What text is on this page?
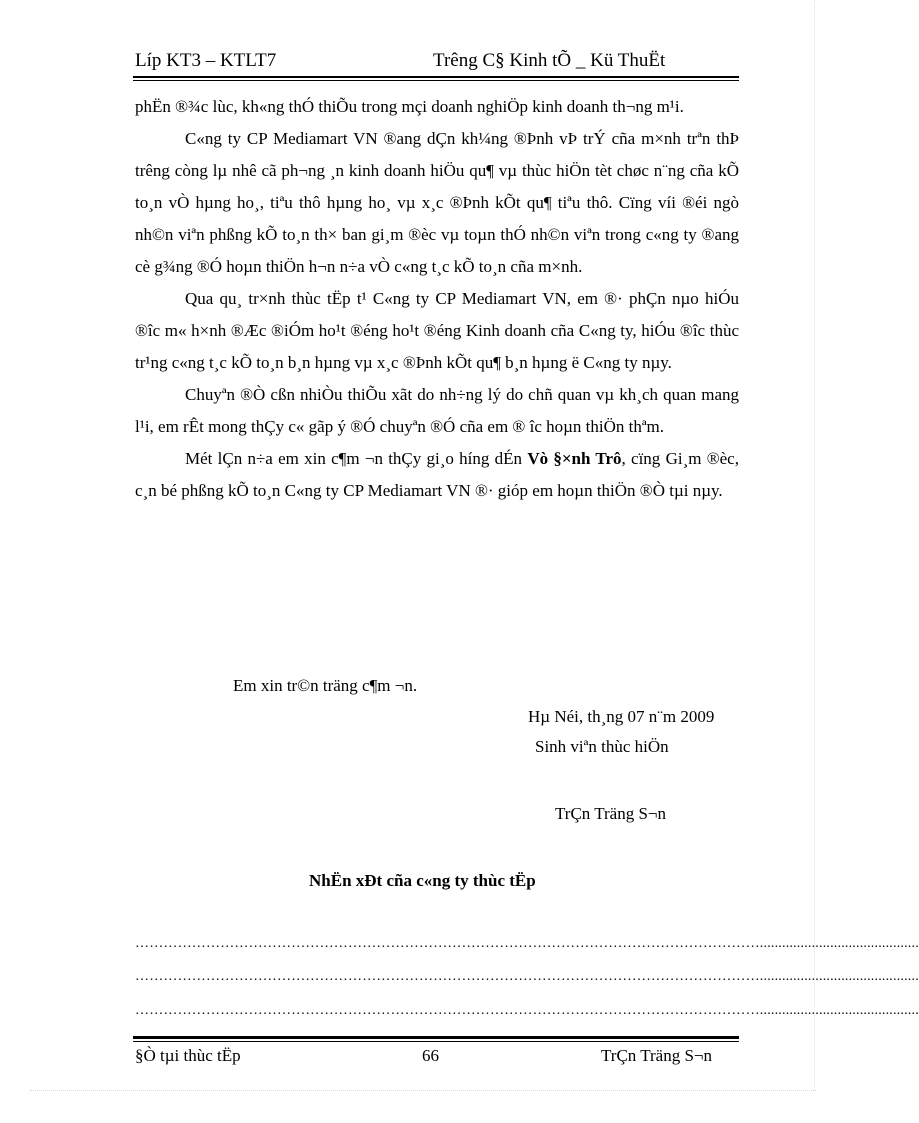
Líp KT3 – KTLT7	Trêng C§ Kinh tÕ _ Kü ThuËt

phËn ®¾c lùc, kh«ng thÓ thiÕu trong mçi doanh nghiÖp kinh doanh th¬ng m¹i.

C«ng ty CP Mediamart VN ®ang dÇn kh¼ng ®Þnh vÞ trÝ cña m×nh trªn thÞ trêng còng lµ nhê cã ph¬ng ¸n kinh doanh hiÖu qu¶ vµ thùc hiÖn tèt chøc n¨ng cña kÕ to¸n vÒ hµng ho¸, tiªu thô hµng ho¸ vµ x¸c ®Þnh kÕt qu¶ tiªu thô. Cïng víi ®éi ngò nh©n viªn phßng kÕ to¸n th× ban gi¸m ®èc vµ toµn thÓ nh©n viªn trong c«ng ty ®ang cè g¾ng ®Ó hoµn thiÖn h¬n n÷a vÒ c«ng t¸c kÕ to¸n cña m×nh.

Qua qu¸ tr×nh thùc tËp t¹ C«ng ty CP Mediamart VN, em ®· phÇn nµo hiÓu ®îc m« h×nh ®Æc ®iÓm ho¹t ®éng ho¹t ®éng Kinh doanh cña C«ng ty, hiÓu ®îc thùc tr¹ng c«ng t¸c kÕ to¸n b¸n hµng vµ x¸c ®Þnh kÕt qu¶ b¸n hµng ë C«ng ty nµy.

Chuyªn ®Ò cßn nhiÒu thiÕu xãt do nh÷ng lý do chñ quan vµ kh¸ch quan mang l¹i, em rÊt mong thÇy c« gãp ý ®Ó chuyªn ®Ó cña em ® îc hoµn thiÖn thªm.

Mét lÇn n÷a em xin c¶m ¬n thÇy gi¸o híng dÉn Vò §×nh Trô, cïng Gi¸m ®èc, c¸n bé phßng kÕ to¸n C«ng ty CP Mediamart VN ®· gióp em hoµn thiÖn ®Ò tµi nµy.

Em xin tr©n träng c¶m ¬n.
Hµ Néi, th¸ng 07 n¨m 2009
Sinh viªn thùc hiÖn
TrÇn Träng S¬n
NhËn xÐt cña c«ng ty thùc tËp
……………………………………………………………………………………………………………………...........................................
……………………………………………………………………………………………………………………...........................................
……………………………………………………………………………………………………………………...........................................
§Ò tµi thùc tËp	66	TrÇn Träng S¬n
